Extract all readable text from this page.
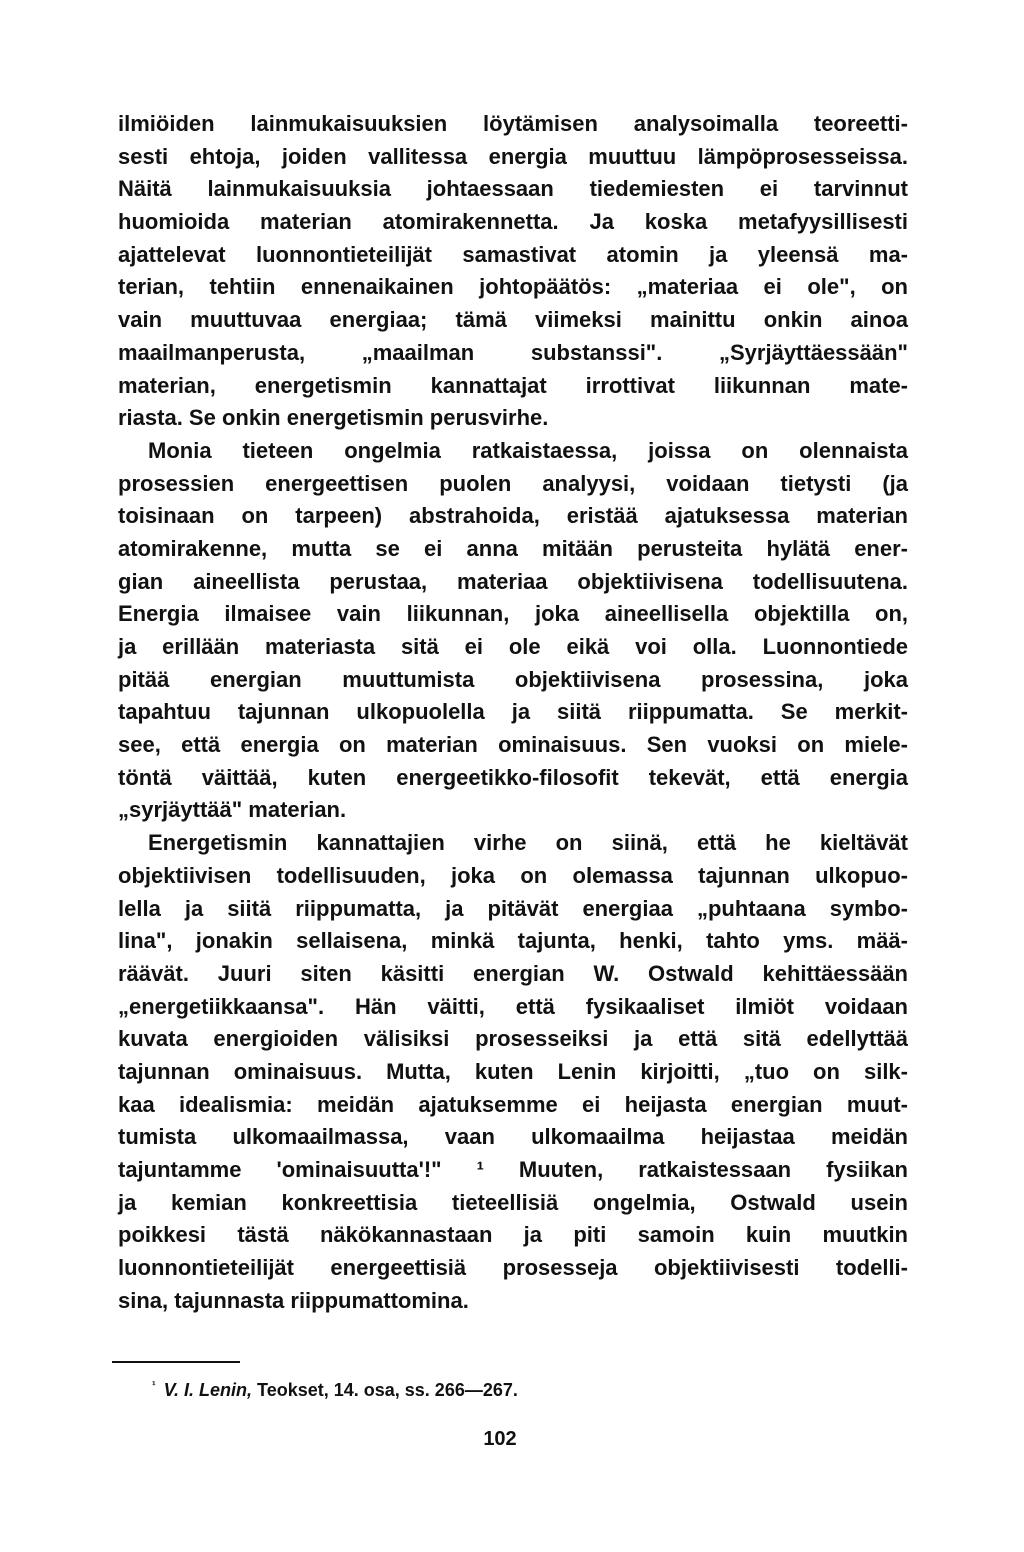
ilmiöiden lainmukaisuuksien löytämisen analysoimalla teoreetti-
sesti ehtoja, joiden vallitessa energia muuttuu lämpöprosesseissa.
Näitä lainmukaisuuksia johtaessaan tiedemiesten ei tarvinnut
huomioida materian atomirakennetta. Ja koska metafyysillisesti
ajattelevat luonnontieteilijät samastivat atomin ja yleensä ma-
terian, tehtiin ennenaikainen johtopäätös: „materiaa ei ole", on
vain muuttuvaa energiaa; tämä viimeksi mainittu onkin ainoa
maailmanperusta, „maailman substanssi". „Syrjäyttäessään"
materian, energetismin kannattajat irrottivat liikunnan mate-
riasta. Se onkin energetismin perusvirhe.
Monia tieteen ongelmia ratkaistaessa, joissa on olennaista
prosessien energeettisen puolen analyysi, voidaan tietysti (ja
toisinaan on tarpeen) abstrahoida, eristää ajatuksessa materian
atomirakenne, mutta se ei anna mitään perusteita hylätä ener-
gian aineellista perustaa, materiaa objektiivisena todellisuutena.
Energia ilmaisee vain liikunnan, joka aineellisella objektilla on,
ja erillään materiasta sitä ei ole eikä voi olla. Luonnontiede
pitää energian muuttumista objektiivisena prosessina, joka
tapahtuu tajunnan ulkopuolella ja siitä riippumatta. Se merkit-
see, että energia on materian ominaisuus. Sen vuoksi on miele-
töntä väittää, kuten energeetikko-filosofit tekevät, että energia
„syrjäyttää" materian.
Energetismin kannattajien virhe on siinä, että he kieltävät
objektiivisen todellisuuden, joka on olemassa tajunnan ulkopuo-
lella ja siitä riippumatta, ja pitävät energiaa „puhtaana symbo-
lina", jonakin sellaisena, minkä tajunta, henki, tahto yms. mää-
räävät. Juuri siten käsitti energian W. Ostwald kehittäessään
„energetiikkaansa". Hän väitti, että fysikaaliset ilmiöt voidaan
kuvata energioiden välisiksi prosesseiksi ja että sitä edellyttää
tajunnan ominaisuus. Mutta, kuten Lenin kirjoitti, „tuo on silk-
kaa idealismia: meidän ajatuksemme ei heijasta energian muut-
tumista ulkomaailmassa, vaan ulkomaailma heijastaa meidän
tajuntamme 'ominaisuutta'!" ¹ Muuten, ratkaistessaan fysiikan
ja kemian konkreettisia tieteellisiä ongelmia, Ostwald usein
poikkesi tästä näkökannastaan ja piti samoin kuin muutkin
luonnontieteilijät energeettisiä prosesseja objektiivisesti todelli-
sina, tajunnasta riippumattomina.
$^{^1}$ V. I. Lenin, Teokset, 14. osa, ss. 266—267.
102
